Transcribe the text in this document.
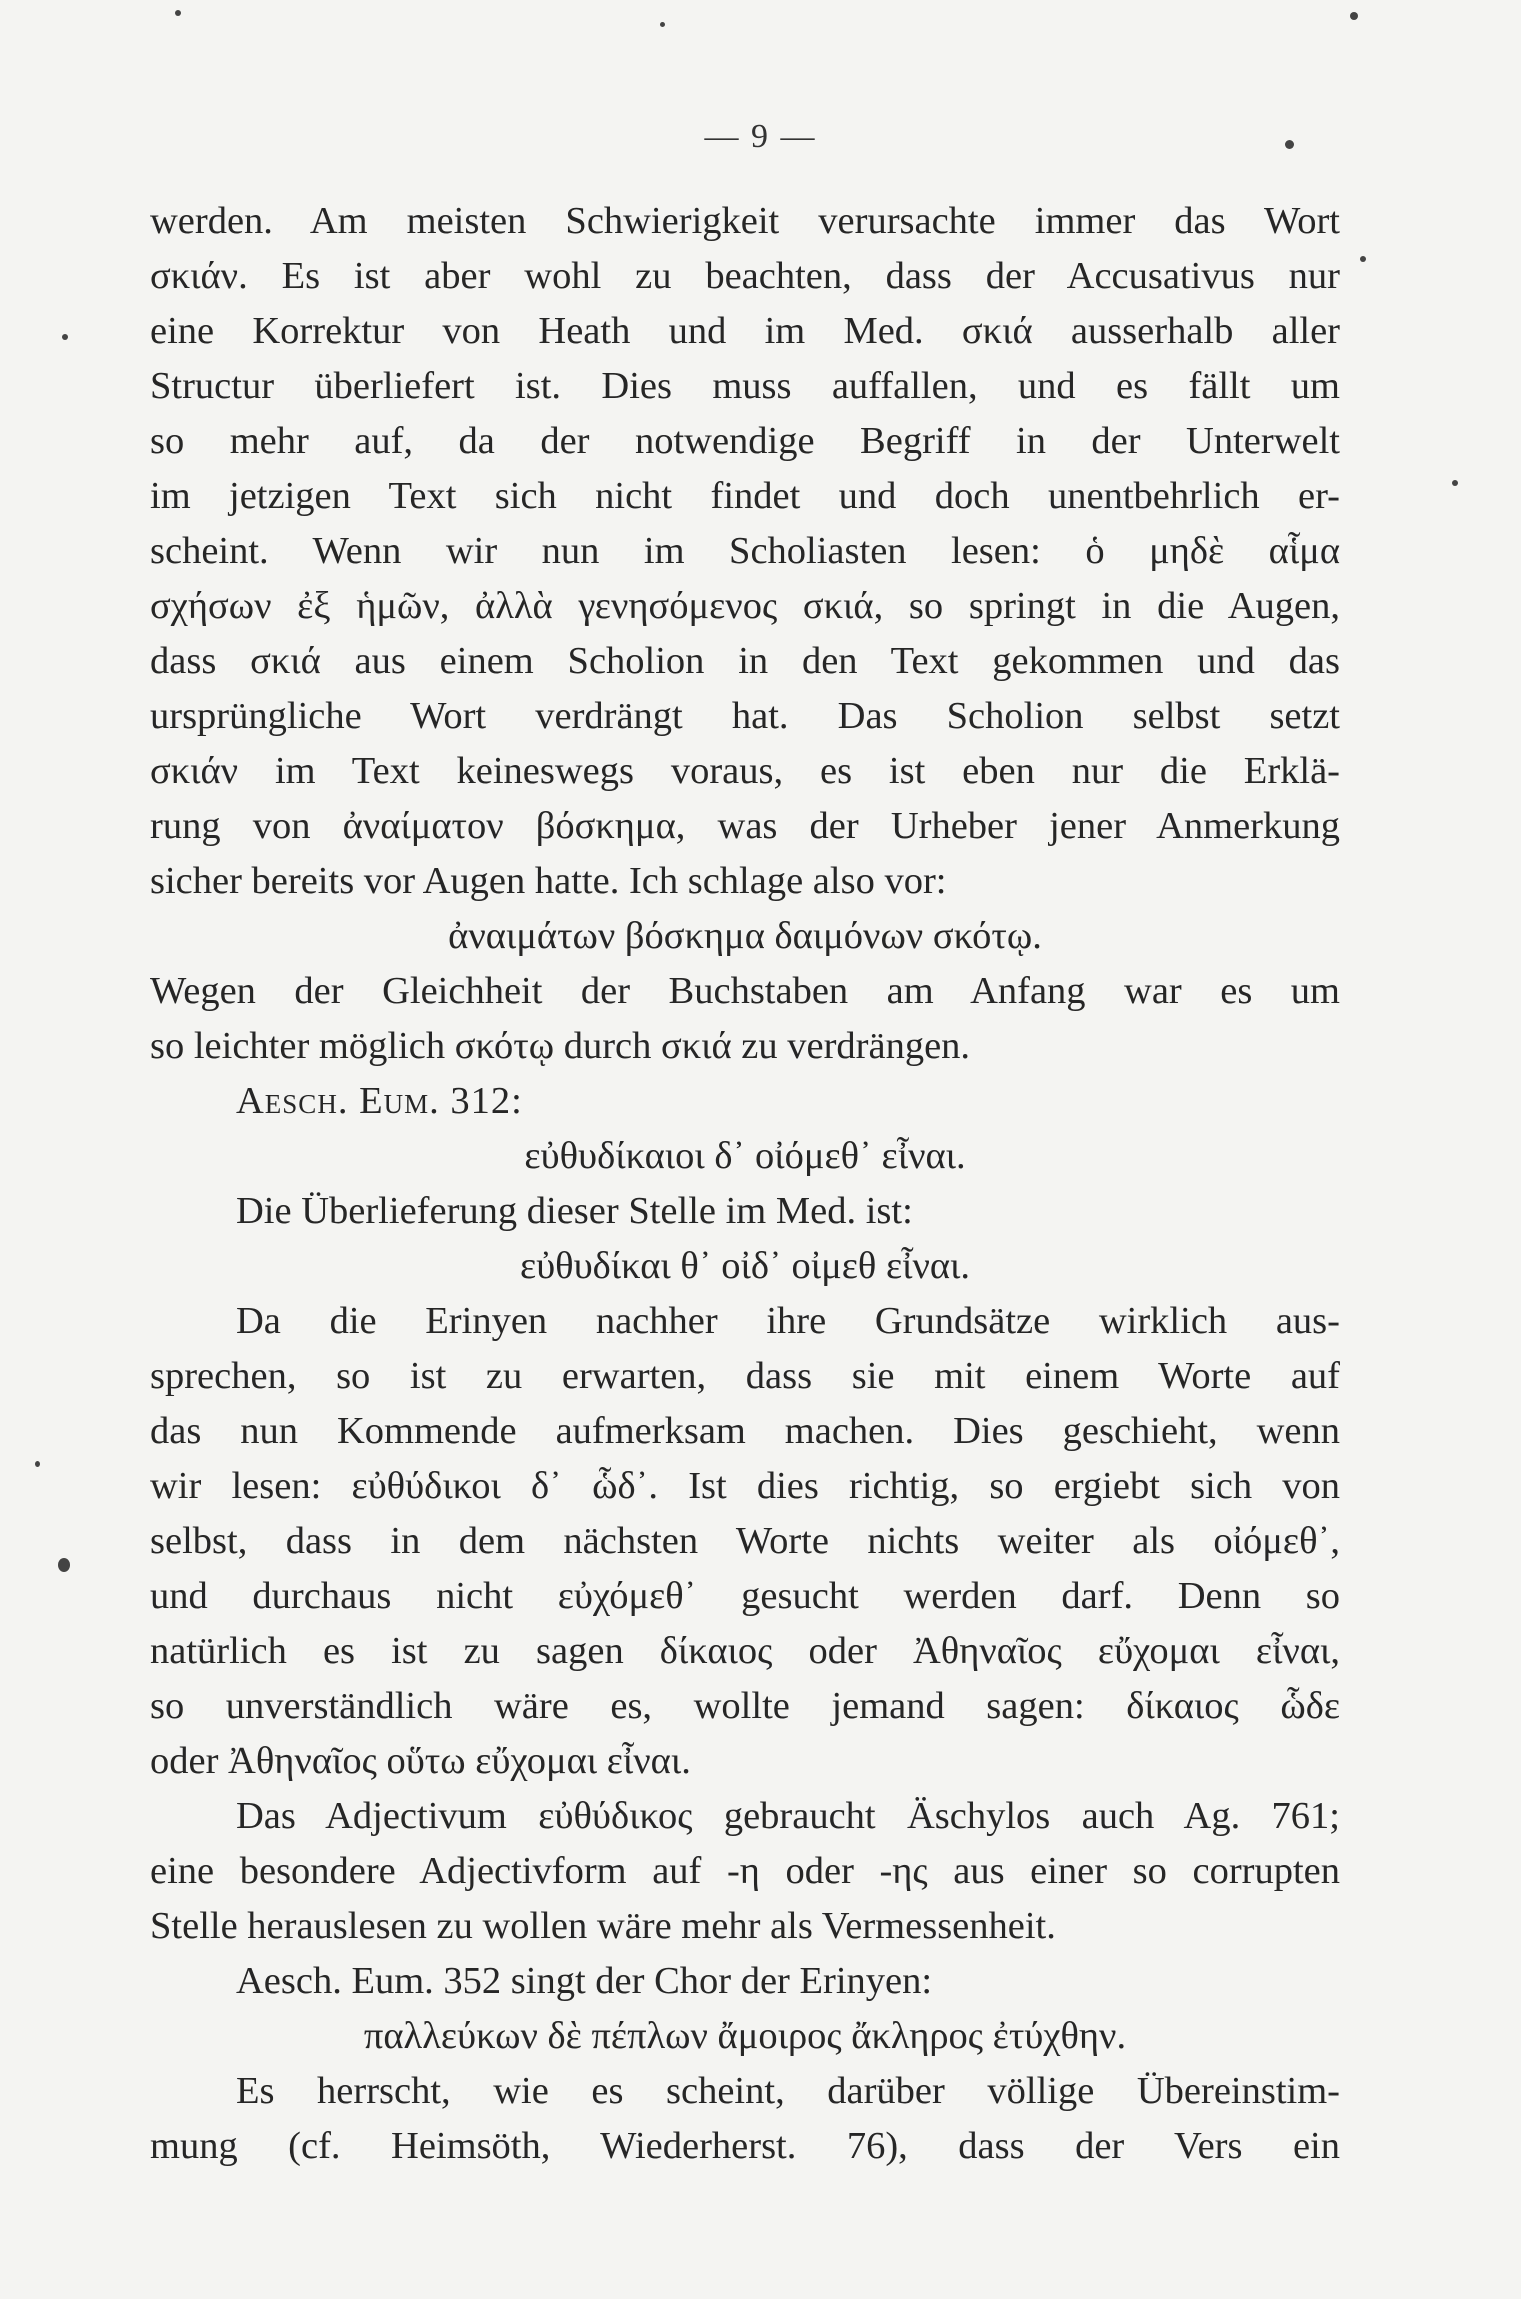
— 9 —
werden. Am meisten Schwierigkeit verursachte immer das Wort
σκιάν. Es ist aber wohl zu beachten, dass der Accusativus nur
eine Korrektur von Heath und im Med. σκιά ausserhalb aller
Structur überliefert ist. Dies muss auffallen, und es fällt um
so mehr auf, da der notwendige Begriff in der Unterwelt
im jetzigen Text sich nicht findet und doch unentbehrlich er-
scheint. Wenn wir nun im Scholiasten lesen: ὁ μηδὲ αἷμα
σχήσων ἐξ ἡμῶν, ἀλλὰ γενησόμενος σκιά, so springt in die Augen,
dass σκιά aus einem Scholion in den Text gekommen und das
ursprüngliche Wort verdrängt hat. Das Scholion selbst setzt
σκιάν im Text keineswegs voraus, es ist eben nur die Erklä-
rung von ἀναίματον βόσκημα, was der Urheber jener Anmerkung
sicher bereits vor Augen hatte. Ich schlage also vor:
ἀναιμάτων βόσκημα δαιμόνων σκότῳ.
Wegen der Gleichheit der Buchstaben am Anfang war es um
so leichter möglich σκότῳ durch σκιά zu verdrängen.
Aesch. Eum. 312:
εὐθυδίκαιοι δ᾽ οἰόμεθ᾽ εἶναι.
Die Überlieferung dieser Stelle im Med. ist:
εὐθυδίκαι θ᾽ οἰδ᾽ οἰμεθ εἶναι.
Da die Erinyen nachher ihre Grundsätze wirklich aus-
sprechen, so ist zu erwarten, dass sie mit einem Worte auf
das nun Kommende aufmerksam machen. Dies geschieht, wenn
wir lesen: εὐθύδικοι δ᾽ ὧδ᾽. Ist dies richtig, so ergiebt sich von
selbst, dass in dem nächsten Worte nichts weiter als οἰόμεθ᾽,
und durchaus nicht εὐχόμεθ᾽ gesucht werden darf. Denn so
natürlich es ist zu sagen δίκαιος oder Ἀθηναῖος εὔχομαι εἶναι,
so unverständlich wäre es, wollte jemand sagen: δίκαιος ὧδε
oder Ἀθηναῖος οὕτω εὔχομαι εἶναι.
Das Adjectivum εὐθύδικος gebraucht Äschylos auch Ag. 761;
eine besondere Adjectivform auf -η oder -ης aus einer so corrupten
Stelle herauslesen zu wollen wäre mehr als Vermessenheit.
Aesch. Eum. 352 singt der Chor der Erinyen:
παλλεύκων δὲ πέπλων ἄμοιρος ἄκληρος ἐτύχθην.
Es herrscht, wie es scheint, darüber völlige Übereinstim-
mung (cf. Heimsöth, Wiederherst. 76), dass der Vers ein
